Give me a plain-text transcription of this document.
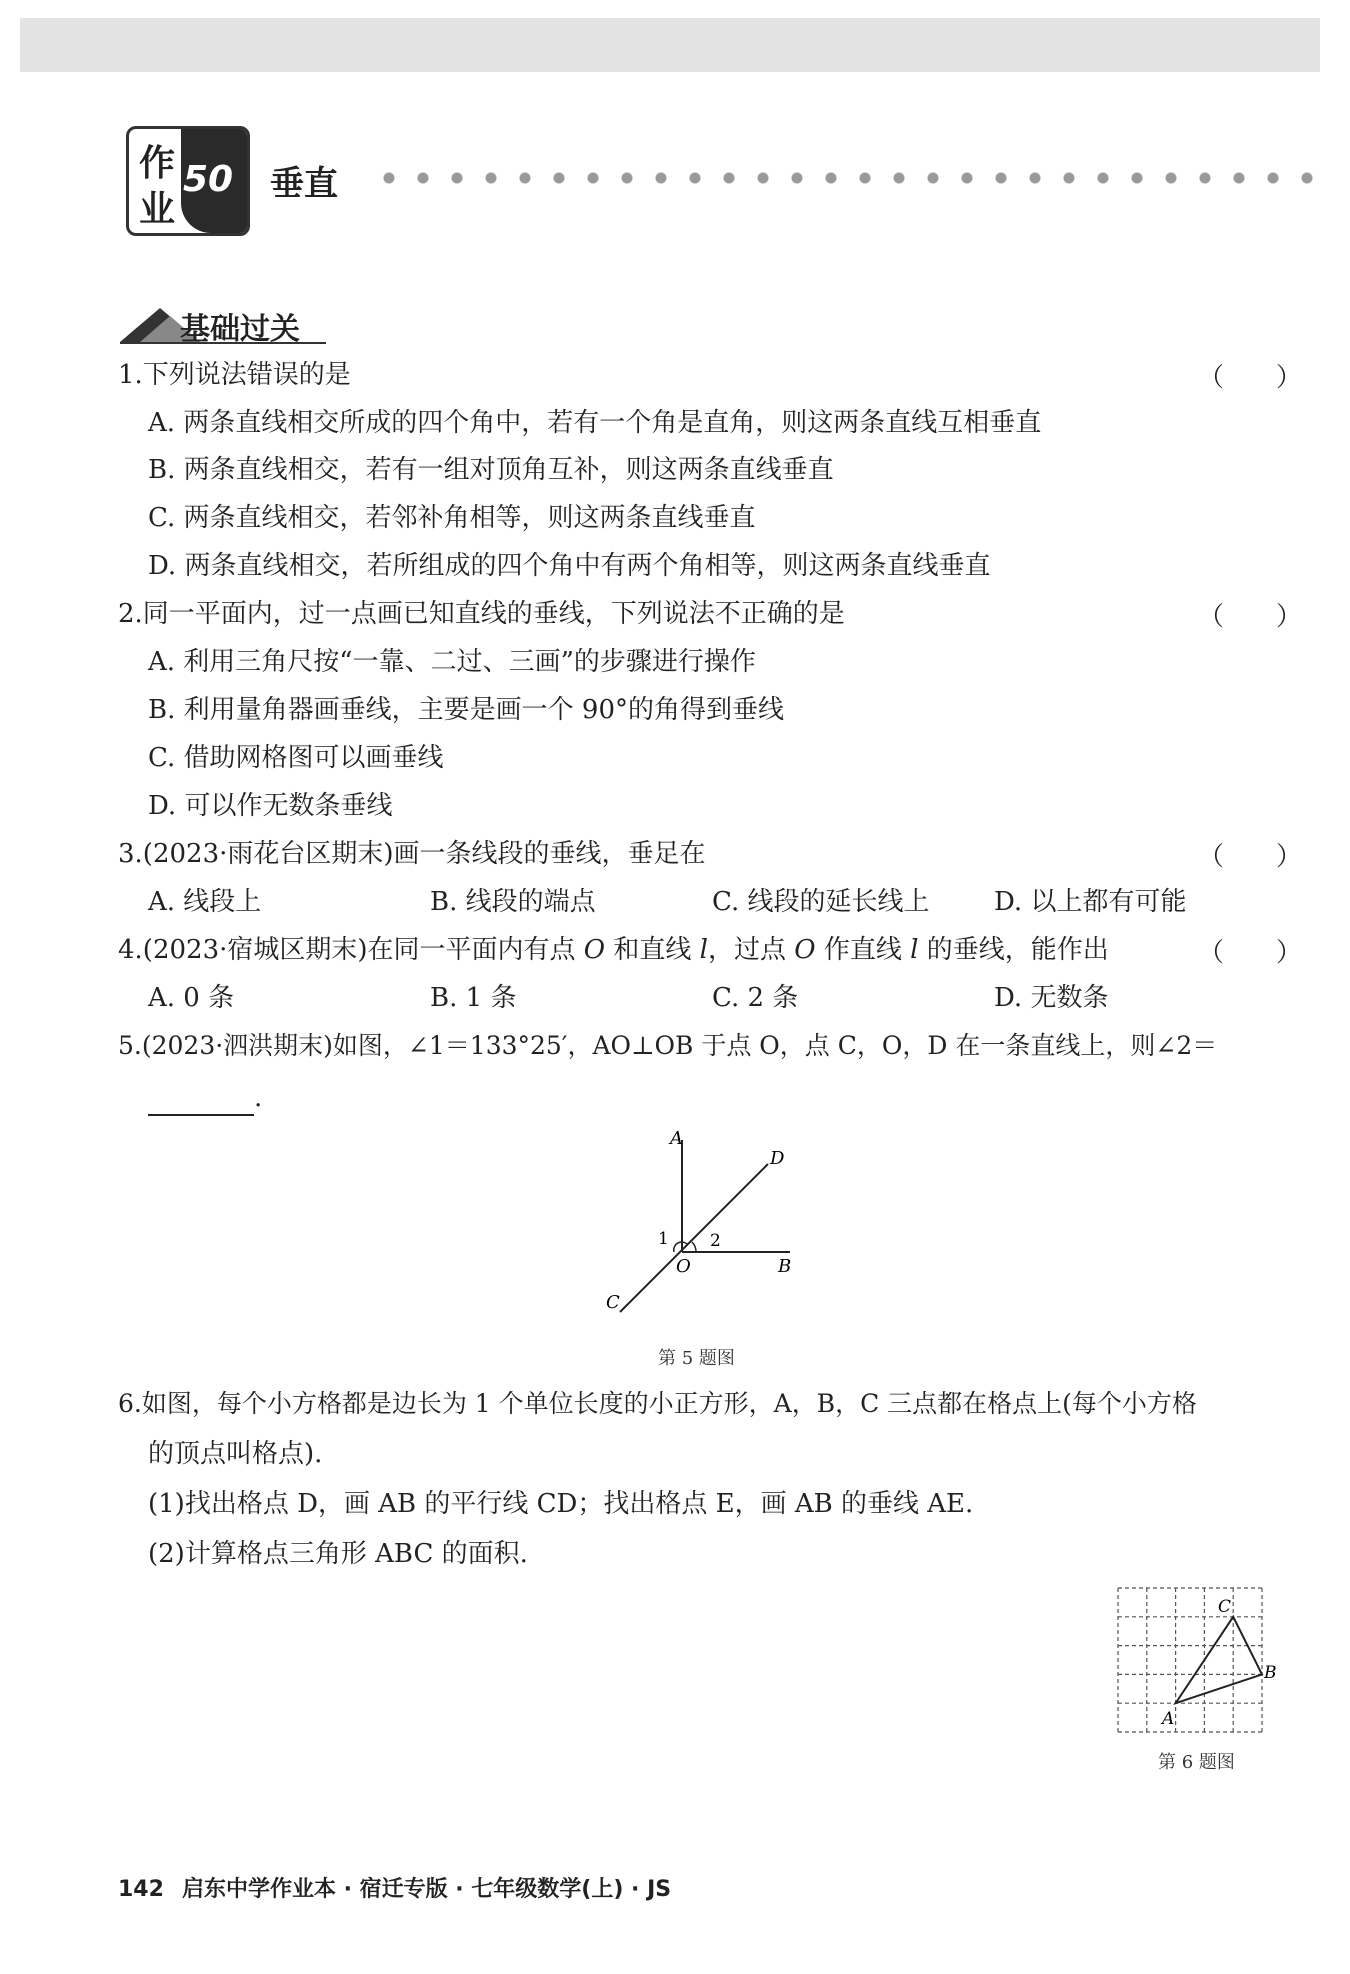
作
业
50 垂直
基础过关
1.下列说法错误的是	（　　）
A. 两条直线相交所成的四个角中，若有一个角是直角，则这两条直线互相垂直
B. 两条直线相交，若有一组对顶角互补，则这两条直线垂直
C. 两条直线相交，若邻补角相等，则这两条直线垂直
D. 两条直线相交，若所组成的四个角中有两个角相等，则这两条直线垂直
2.同一平面内，过一点画已知直线的垂线，下列说法不正确的是	（　　）
A. 利用三角尺按“一靠、二过、三画”的步骤进行操作
B. 利用量角器画垂线，主要是画一个 90°的角得到垂线
C. 借助网格图可以画垂线
D. 可以作无数条垂线
3.(2023·雨花台区期末)画一条线段的垂线，垂足在	（　　）
A. 线段上	B. 线段的端点	C. 线段的延长线上 D. 以上都有可能
4.(2023·宿城区期末)在同一平面内有点 O 和直线 l，过点 O 作直线 l 的垂线，能作出	（　　）
A. 0 条	B. 1 条	C. 2 条	D. 无数条
5.(2023·泗洪期末)如图，∠1＝133°25′，AO⊥OB 于点 O，点 C，O，D 在一条直线上，则∠2＝
.
A
D
B
C
O
1 2
第 5 题图
6.如图，每个小方格都是边长为 1 个单位长度的小正方形，A，B，C 三点都在格点上(每个小方格
的顶点叫格点).
(1)找出格点 D，画 AB 的平行线 CD；找出格点 E，画 AB 的垂线 AE.
(2)计算格点三角形 ABC 的面积.
A
B
C
第 6 题图
142 启东中学作业本 · 宿迁专版 · 七年级数学(上) · JS
